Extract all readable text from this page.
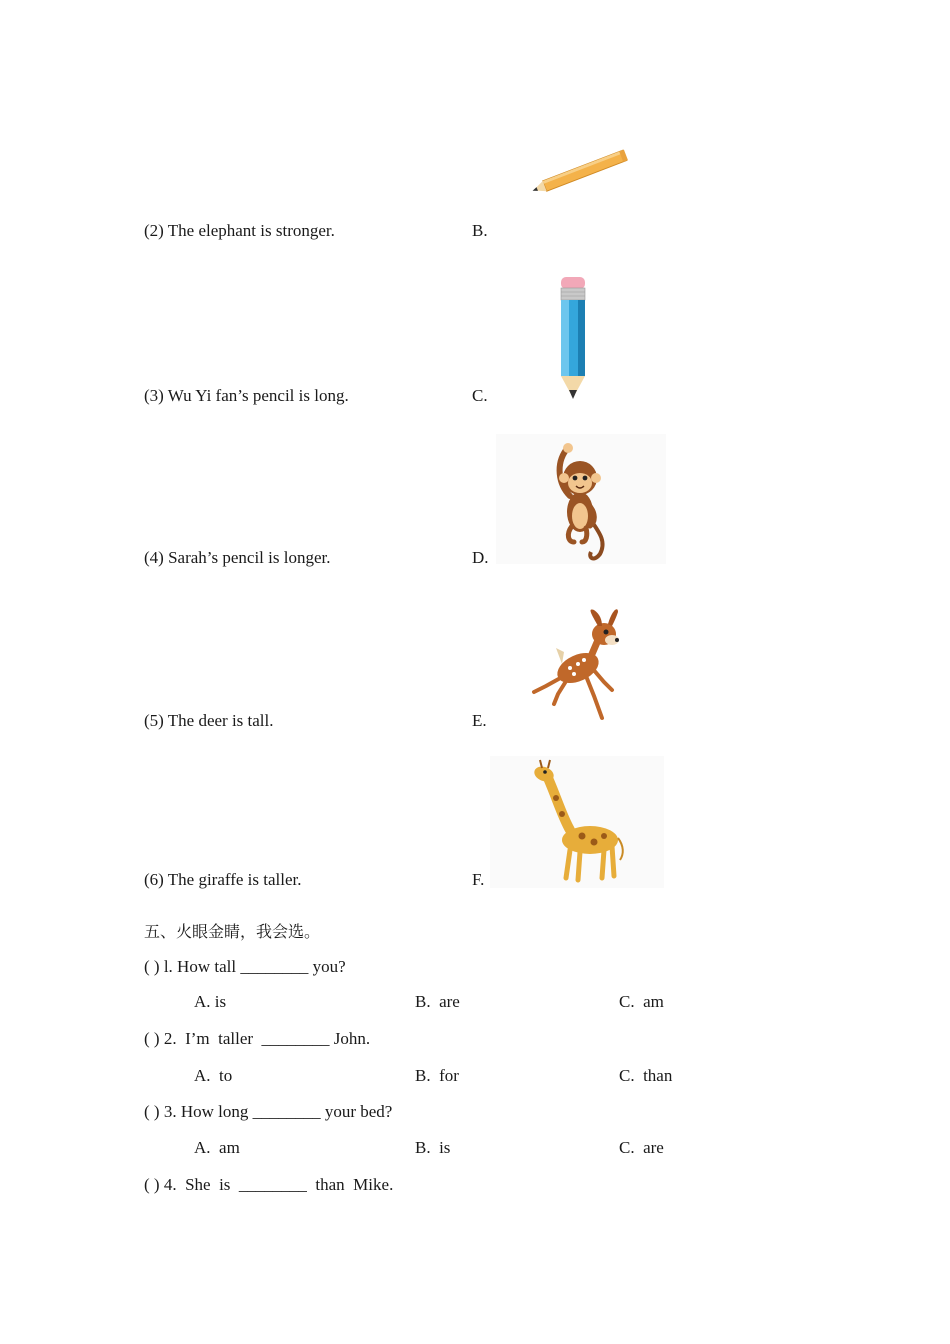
(2) The elephant is stronger.	B.
(3) Wu Yi fan’s pencil is long.	C.
(4) Sarah’s pencil is longer.	D.
(5) The deer is tall.	E.
(6) The giraffe is taller.	F.
五、火眼金睛，我会选。
( ) l. How tall ________ you?
A. is	B.  are	C.  am
( ) 2.  I’m  taller  ________ John.
A.  to	B.  for	C.  than
( ) 3. How long ________ your bed?
A.  am	B.  is	C.  are
( ) 4.  She  is  ________  than  Mike.
